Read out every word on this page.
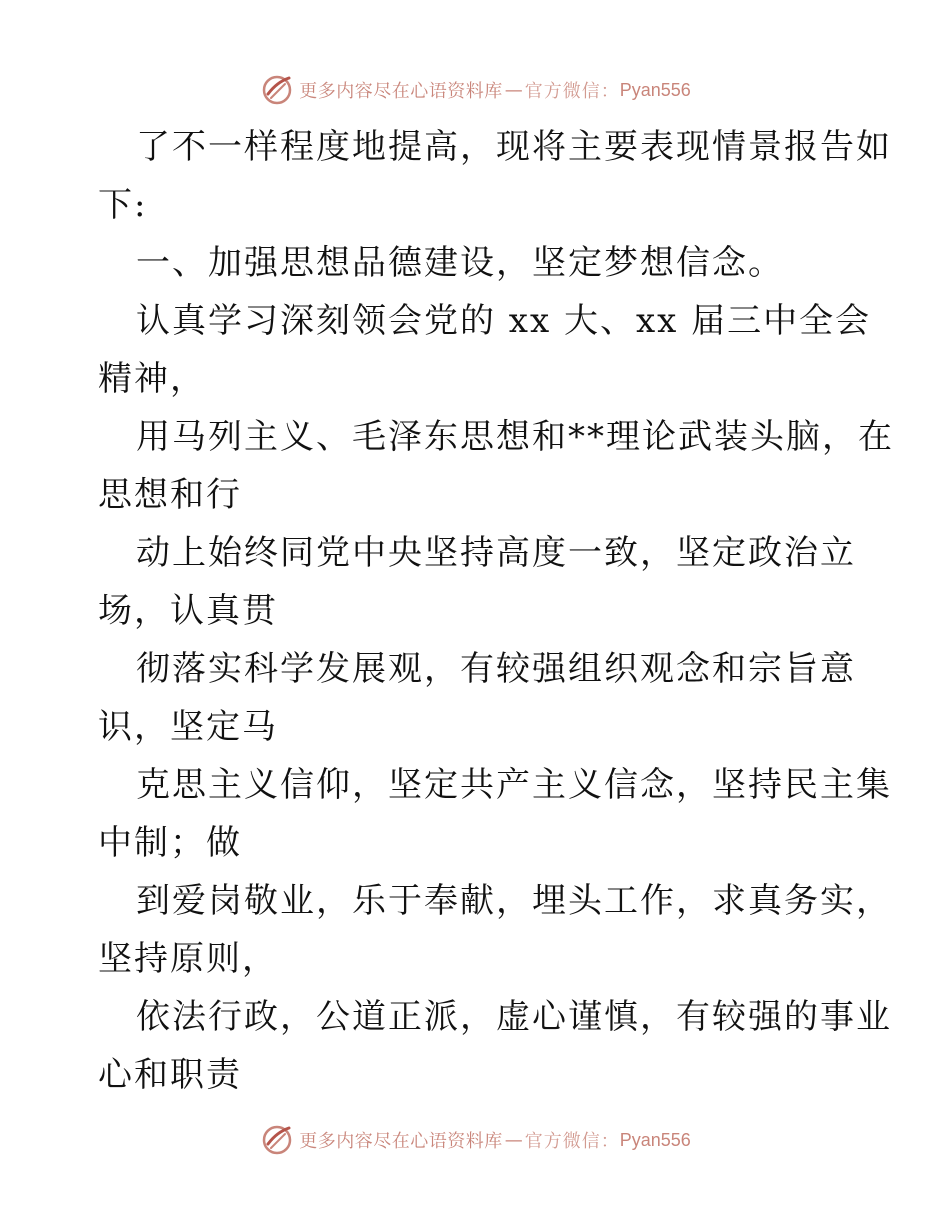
更多内容尽在心语资料库 — 官方微信： Pyan556
了不一样程度地提高，现将主要表现情景报告如
下:
一、加强思想品德建设，坚定梦想信念。
认真学习深刻领会党的 xx 大、xx 届三中全会
精神，
用马列主义、毛泽东思想和**理论武装头脑，在
思想和行
动上始终同党中央坚持高度一致，坚定政治立
场，认真贯
彻落实科学发展观，有较强组织观念和宗旨意
识，坚定马
克思主义信仰，坚定共产主义信念，坚持民主集
中制；做
到爱岗敬业，乐于奉献，埋头工作，求真务实，
坚持原则，
依法行政，公道正派，虚心谨慎，有较强的事业
心和职责
更多内容尽在心语资料库 — 官方微信： Pyan556
